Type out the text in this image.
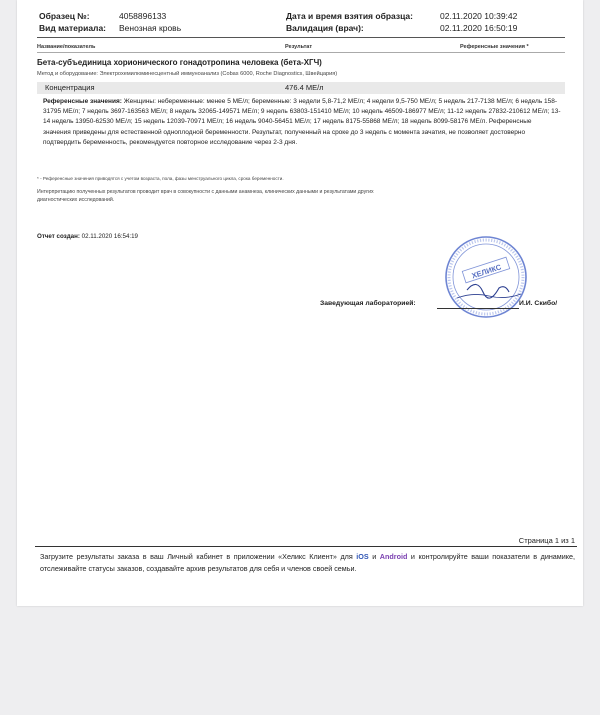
Образец №:	4058896133
Вид материала: Венозная кровь
Дата и время взятия образца:	02.11.2020 10:39:42
Валидация (врач):	02.11.2020 16:50:19
Название/показатель	Результат	Референсные значения *
Бета-субъединица хорионического гонадотропина человека (бета-ХГЧ)
Метод и оборудование: Электрохемилюминесцентный иммуноанализ (Cobas 6000, Roche Diagnostics, Швейцария)
Концентрация	476.4 МЕ/л
Референсные значения: Женщины: небеременные: менее 5 МЕ/л; беременные: 3 недели 5,8-71,2 МЕ/л; 4 недели 9,5-750 МЕ/л; 5 недель 217-7138 МЕ/л; 6 недель 158-31795 МЕ/л; 7 недель 3697-163563 МЕ/л; 8 недель 32065-149571 МЕ/л; 9 недель 63803-151410 МЕ/л; 10 недель 46509-186977 МЕ/л; 11-12 недель 27832-210612 МЕ/л; 13-14 недель 13950-62530 МЕ/л; 15 недель 12039-70971 МЕ/л; 16 недель 9040-56451 МЕ/л; 17 недель 8175-55868 МЕ/л; 18 недель 8099-58176 МЕ/л. Референсные значения приведены для естественной одноплодной беременности. Результат, полученный на сроке до 3 недель с момента зачатия, не позволяет достоверно подтвердить беременность, рекомендуется повторное исследование через 2-3 дня.
* - Референсные значения приводятся с учетом возраста, пола, фазы менструального цикла, срока беременности.
Интерпретацию полученных результатов проводит врач в совокупности с данными анамнеза, клинических данными и результатами других
диагностических исследований.
Отчет создан: 02.11.2020 16:54:19
ХЕЛИКС
Заведующая лабораторией:	И.И. Скибо/
Страница 1 из 1
Загрузите результаты заказа в ваш Личный кабинет в приложении «Хеликс Клиент» для iOS и Android и контролируйте ваши показатели в динамике, отслеживайте статусы заказов, создавайте архив результатов для себя и членов своей семьи.
